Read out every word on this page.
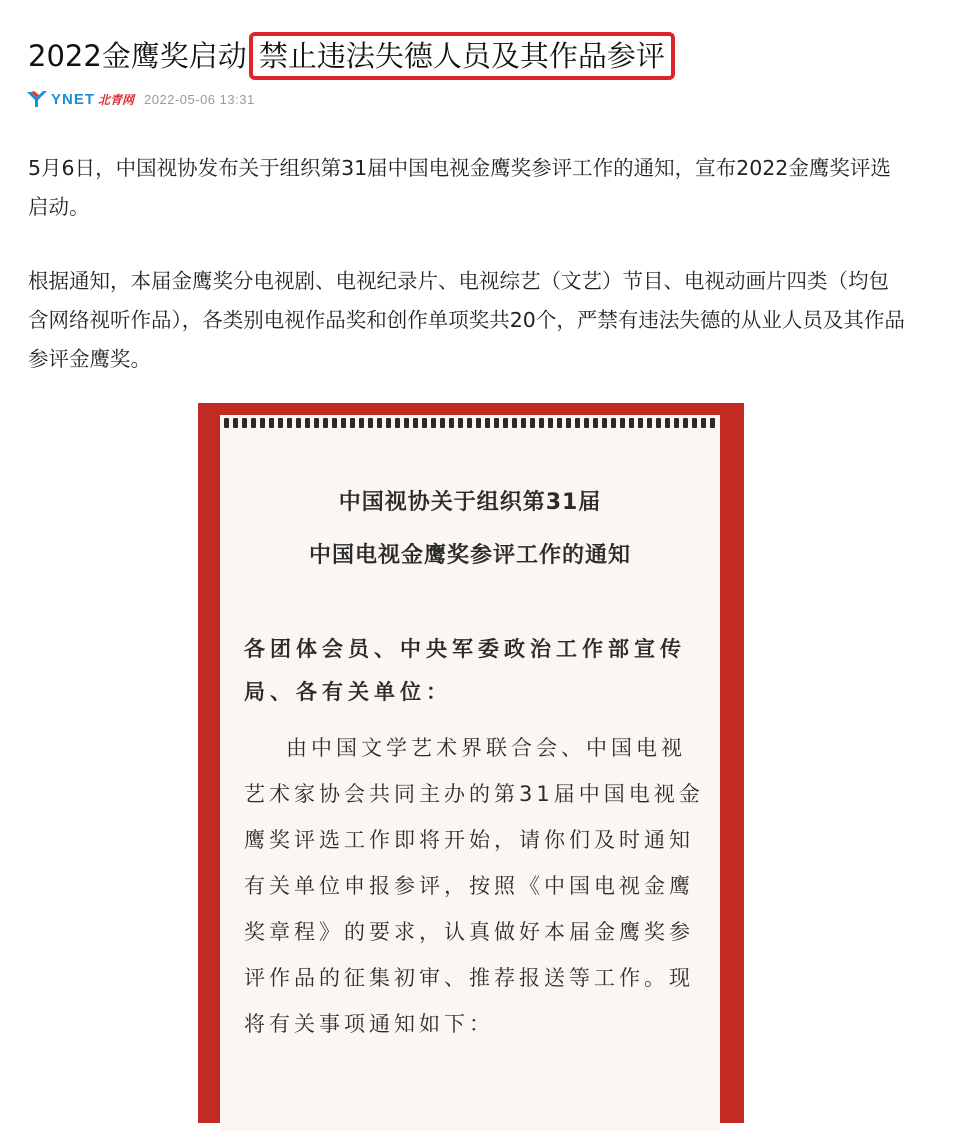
2022金鹰奖启动 禁止违法失德人员及其作品参评
YNET 北青网 2022-05-06 13:31

5月6日，中国视协发布关于组织第31届中国电视金鹰奖参评工作的通知，宣布2022金鹰奖评选启动。

根据通知，本届金鹰奖分电视剧、电视纪录片、电视综艺（文艺）节目、电视动画片四类（均包含网络视听作品），各类别电视作品奖和创作单项奖共20个，严禁有违法失德的从业人员及其作品参评金鹰奖。

中国视协关于组织第31届

中国电视金鹰奖参评工作的通知

各团体会员、中央军委政治工作部宣传局、各有关单位：

由中国文学艺术界联合会、中国电视艺术家协会共同主办的第31届中国电视金鹰奖评选工作即将开始，请你们及时通知有关单位申报参评，按照《中国电视金鹰奖章程》的要求，认真做好本届金鹰奖参评作品的征集初审、推荐报送等工作。现将有关事项通知如下：
